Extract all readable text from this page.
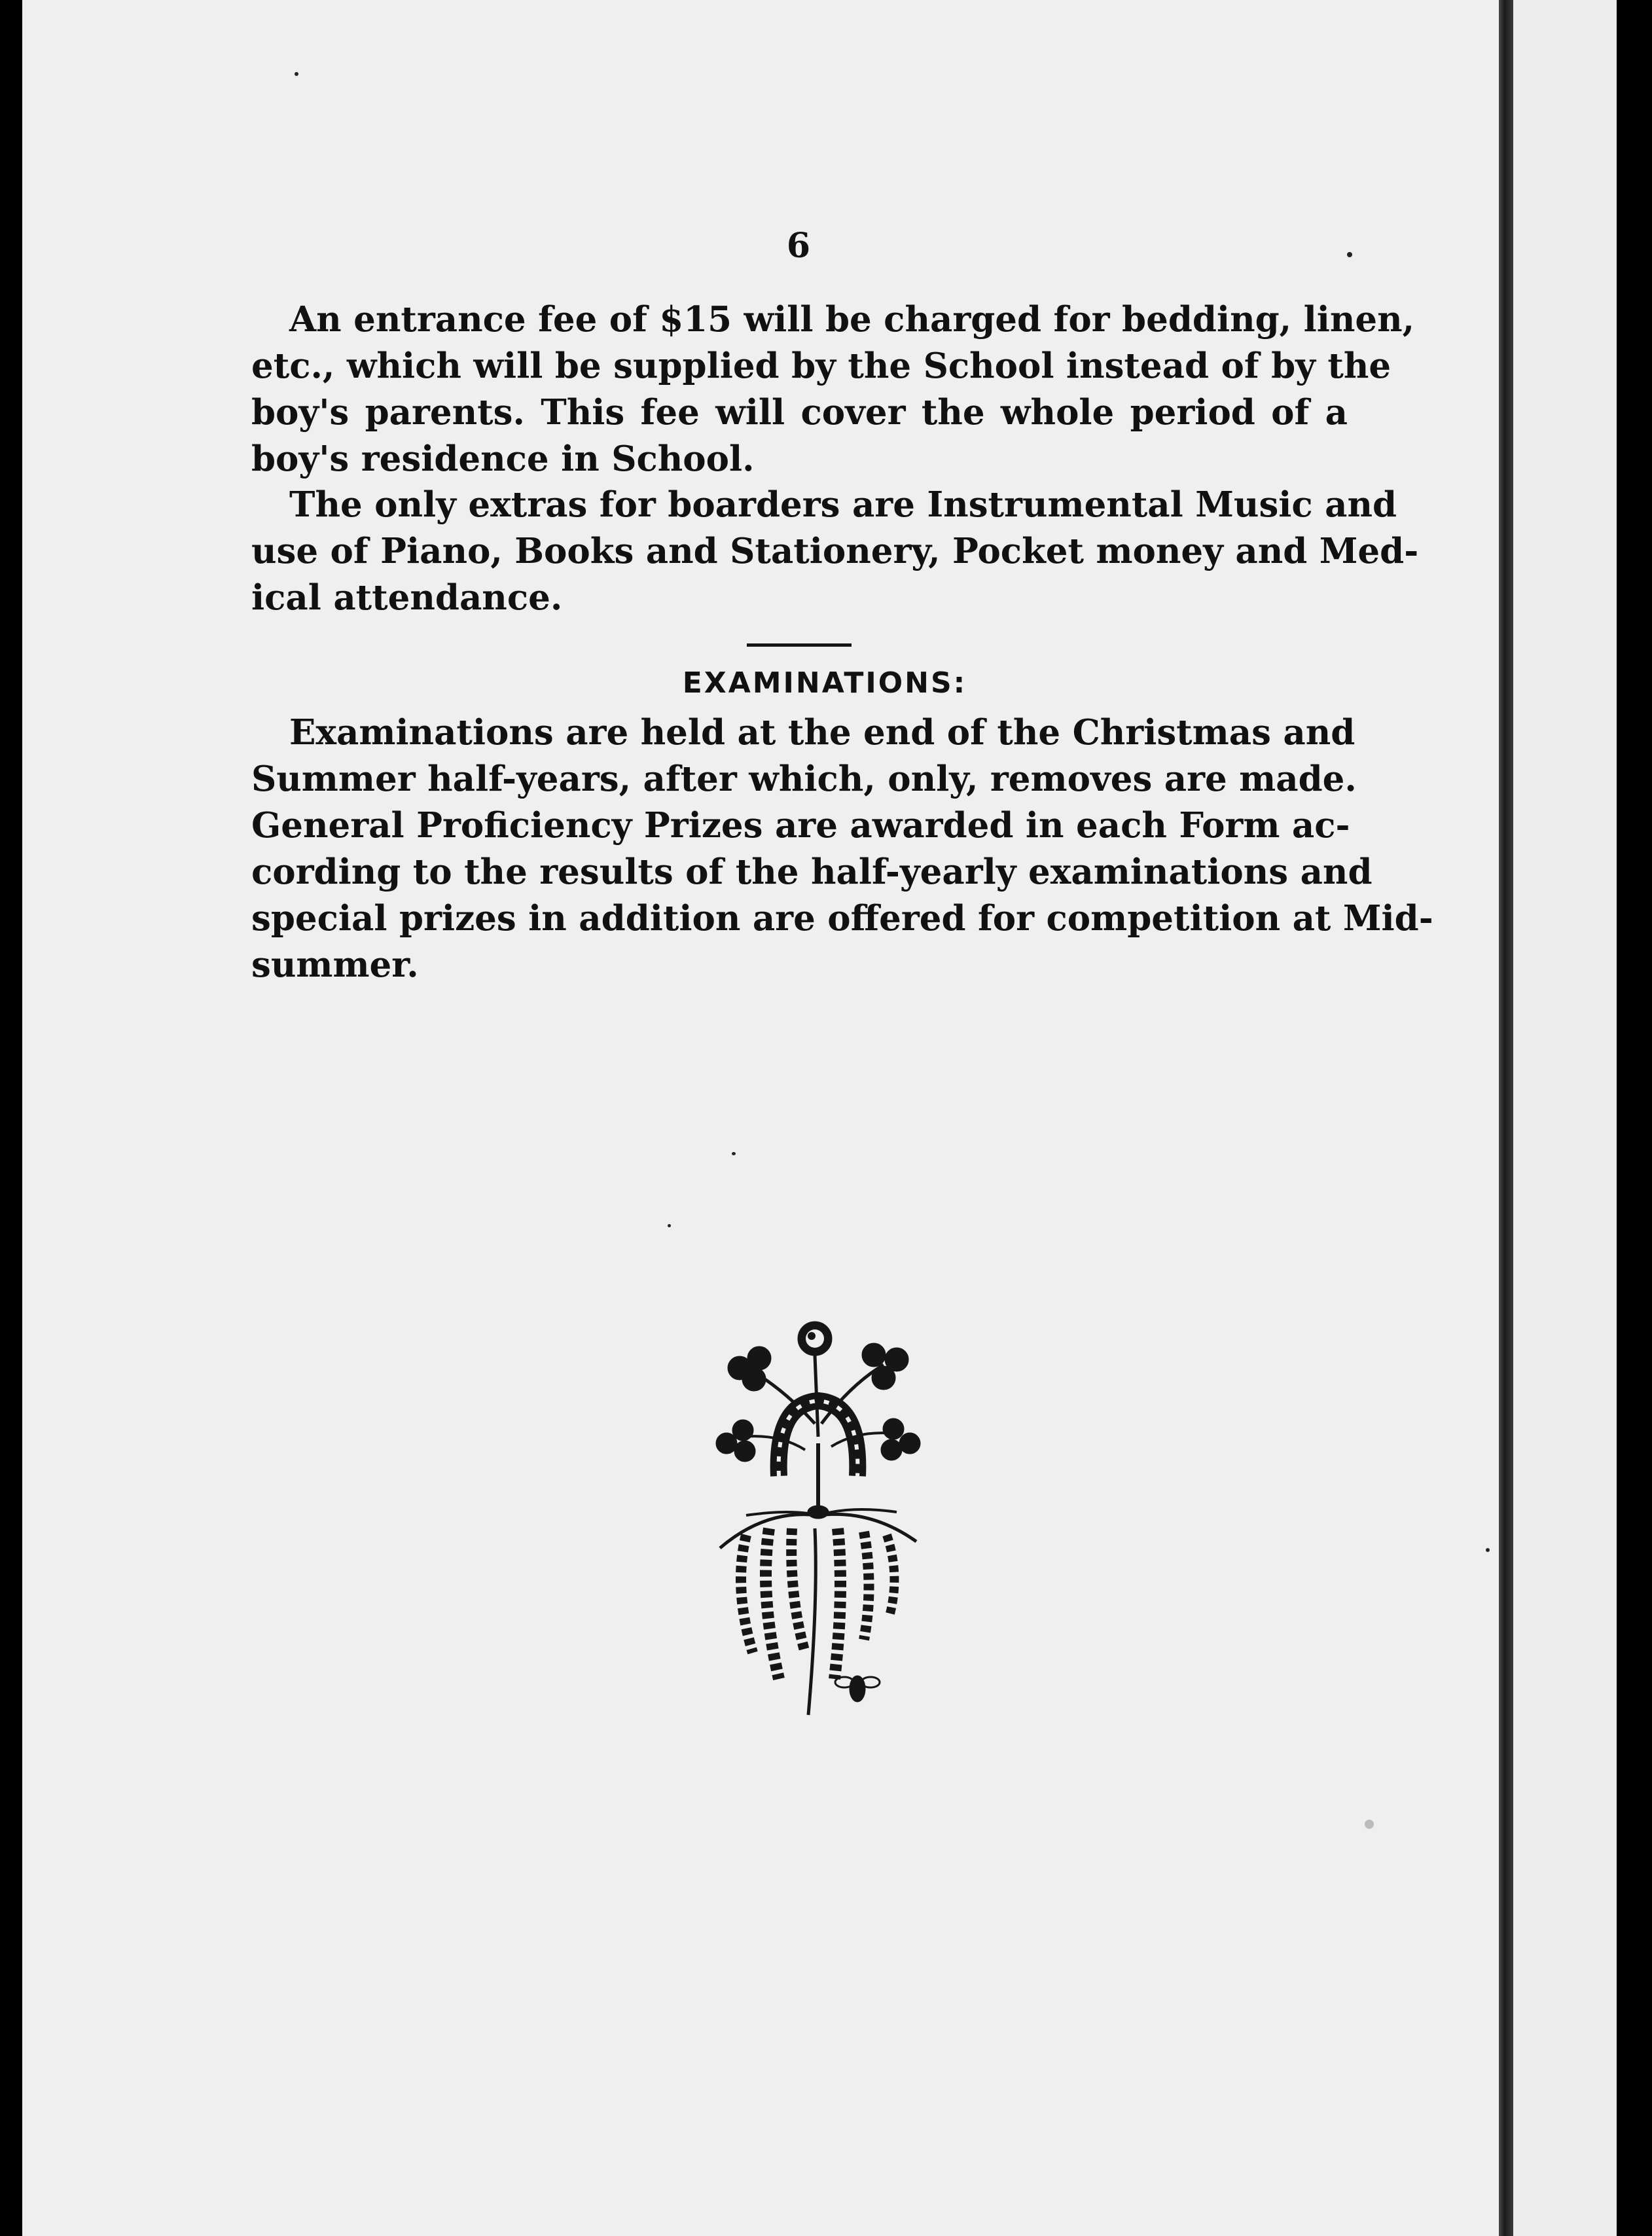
6
An entrance fee of $15 will be charged for bedding, linen,
etc., which will be supplied by the School instead of by the
boy's parents. This fee will cover the whole period of a
boy's residence in School.
The only extras for boarders are Instrumental Music and
use of Piano, Books and Stationery, Pocket money and Med-
ical attendance.
EXAMINATIONS:
Examinations are held at the end of the Christmas and
Summer half-years, after which, only, removes are made.
General Proficiency Prizes are awarded in each Form ac-
cording to the results of the half-yearly examinations and
special prizes in addition are offered for competition at Mid-
summer.
